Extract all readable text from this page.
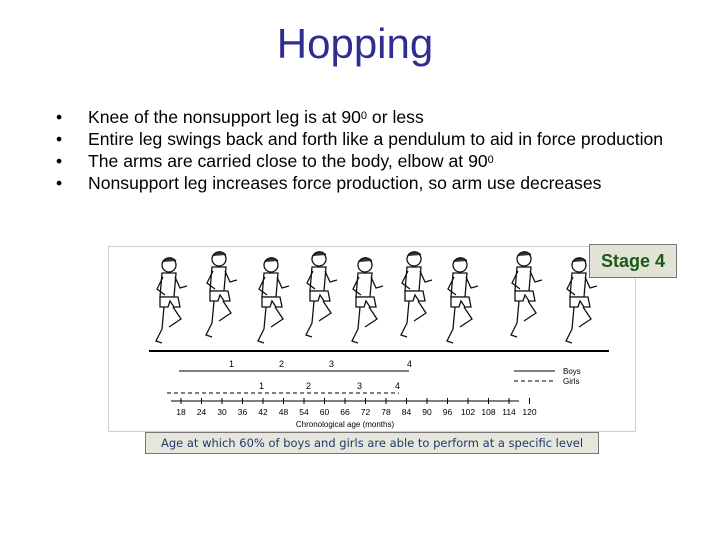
Hopping
• Knee of the nonsupport leg is at $90^0$ or less
• Entire leg swings back and forth like a pendulum to aid in force production
• The arms are carried close to the body, elbow at $90^0$
• Nonsupport leg increases force production, so arm use decreases
1	2	3	4
1	2	3	4
Boys
Girls
18 24 30 36 42 48 54 60 66 72 78 84 90 96 102 108 114 120
Chronological age (months)
Stage 4
Age at which 60% of boys and girls are able to perform at a specific level
